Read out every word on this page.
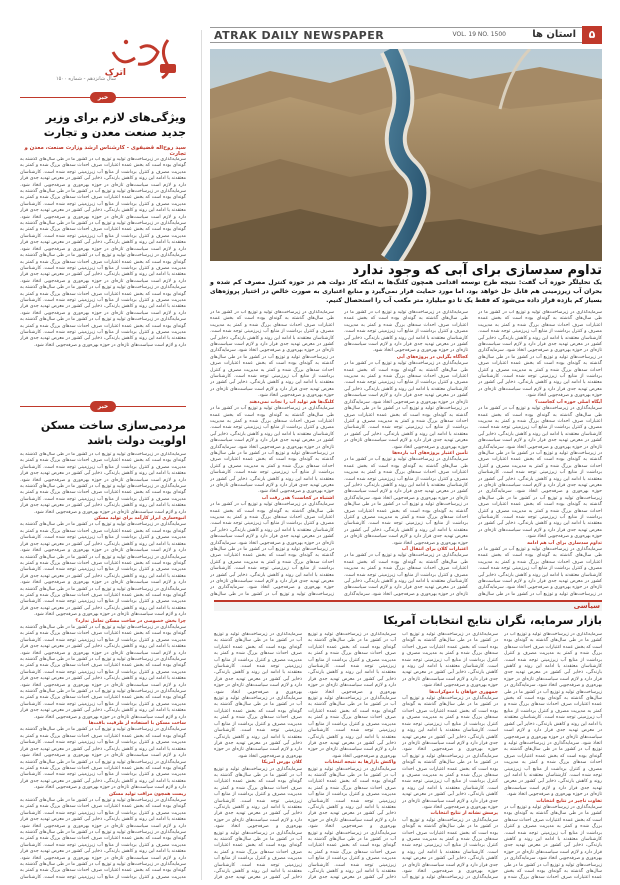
ATRAK DAILY NEWSPAPER	VOL. 19 NO. 1500	استان ها	۵
اترک
سال شانزدهم - شماره ۱۵۰۰
خبر
ویژگی‌های لازم برای وزیر جدید صنعت معدن و تجارت
سید روح‌اله قضیفوی - کارشناس ارشد وزارت صنعت، معدن و تجارت
سرمایه‌گذاری در زیرساخت‌های تولید و توزیع آب در کشور ما در طی سال‌های گذشته به گونه‌ای بوده است که بخش عمده اعتبارات صرف احداث سدهای بزرگ شده و کمتر به مدیریت مصرف و کنترل برداشت از منابع آب زیرزمینی توجه شده است. کارشناسان معتقدند با ادامه این روند و کاهش بارندگی، ذخایر آبی کشور در معرض تهدید جدی قرار دارد و لازم است سیاست‌های تازه‌ای در حوزه بهره‌وری و صرفه‌جویی اتخاذ شود. سرمایه‌گذاری در زیرساخت‌های تولید و توزیع آب در کشور ما در طی سال‌های گذشته به گونه‌ای بوده است که بخش عمده اعتبارات صرف احداث سدهای بزرگ شده و کمتر به مدیریت مصرف و کنترل برداشت از منابع آب زیرزمینی توجه شده است. کارشناسان معتقدند با ادامه این روند و کاهش بارندگی، ذخایر آبی کشور در معرض تهدید جدی قرار دارد و لازم است سیاست‌های تازه‌ای در حوزه بهره‌وری و صرفه‌جویی اتخاذ شود. سرمایه‌گذاری در زیرساخت‌های تولید و توزیع آب در کشور ما در طی سال‌های گذشته به گونه‌ای بوده است که بخش عمده اعتبارات صرف احداث سدهای بزرگ شده و کمتر به مدیریت مصرف و کنترل برداشت از منابع آب زیرزمینی توجه شده است. کارشناسان معتقدند با ادامه این روند و کاهش بارندگی، ذخایر آبی کشور در معرض تهدید جدی قرار دارد و لازم است سیاست‌های تازه‌ای در حوزه بهره‌وری و صرفه‌جویی اتخاذ شود. سرمایه‌گذاری در زیرساخت‌های تولید و توزیع آب در کشور ما در طی سال‌های گذشته به گونه‌ای بوده است که بخش عمده اعتبارات صرف احداث سدهای بزرگ شده و کمتر به مدیریت مصرف و کنترل برداشت از منابع آب زیرزمینی توجه شده است. کارشناسان معتقدند با ادامه این روند و کاهش بارندگی، ذخایر آبی کشور در معرض تهدید جدی قرار دارد و لازم است سیاست‌های تازه‌ای در حوزه بهره‌وری و صرفه‌جویی اتخاذ شود. سرمایه‌گذاری در زیرساخت‌های تولید و توزیع آب در کشور ما در طی سال‌های گذشته به گونه‌ای بوده است که بخش عمده اعتبارات صرف احداث سدهای بزرگ شده و کمتر به مدیریت مصرف و کنترل برداشت از منابع آب زیرزمینی توجه شده است. کارشناسان معتقدند با ادامه این روند و کاهش بارندگی، ذخایر آبی کشور در معرض تهدید جدی قرار دارد و لازم است سیاست‌های تازه‌ای در حوزه بهره‌وری و صرفه‌جویی اتخاذ شود. سرمایه‌گذاری در زیرساخت‌های تولید و توزیع آب در کشور ما در طی سال‌های گذشته به گونه‌ای بوده است که بخش عمده اعتبارات صرف احداث سدهای بزرگ شده و کمتر به مدیریت مصرف و کنترل برداشت از منابع آب زیرزمینی توجه شده است. کارشناسان معتقدند با ادامه این روند و کاهش بارندگی، ذخایر آبی کشور در معرض تهدید جدی قرار دارد و لازم است سیاست‌های تازه‌ای در حوزه بهره‌وری و صرفه‌جویی اتخاذ شود.
خبر
مردمی‌سازی ساخت مسکن اولویت دولت باشد
سرمایه‌گذاری در زیرساخت‌های تولید و توزیع آب در کشور ما در طی سال‌های گذشته به گونه‌ای بوده است که بخش عمده اعتبارات صرف احداث سدهای بزرگ شده و کمتر به مدیریت مصرف و کنترل برداشت از منابع آب زیرزمینی توجه شده است. کارشناسان معتقدند با ادامه این روند و کاهش بارندگی، ذخایر آبی کشور در معرض تهدید جدی قرار دارد و لازم است سیاست‌های تازه‌ای در حوزه بهره‌وری و صرفه‌جویی اتخاذ شود. سرمایه‌گذاری در زیرساخت‌های تولید و توزیع آب در کشور ما در طی سال‌های گذشته به گونه‌ای بوده است که بخش عمده اعتبارات صرف احداث سدهای بزرگ شده و کمتر به مدیریت مصرف و کنترل برداشت از منابع آب زیرزمینی توجه شده است. کارشناسان معتقدند با ادامه این روند و کاهش بارندگی، ذخایر آبی کشور در معرض تهدید جدی قرار دارد و لازم است سیاست‌های تازه‌ای در حوزه بهره‌وری و صرفه‌جویی اتخاذ شود.
انبوه‌سازی ابزار کارآمد برای تولید مسکن
سرمایه‌گذاری در زیرساخت‌های تولید و توزیع آب در کشور ما در طی سال‌های گذشته به گونه‌ای بوده است که بخش عمده اعتبارات صرف احداث سدهای بزرگ شده و کمتر به مدیریت مصرف و کنترل برداشت از منابع آب زیرزمینی توجه شده است. کارشناسان معتقدند با ادامه این روند و کاهش بارندگی، ذخایر آبی کشور در معرض تهدید جدی قرار دارد و لازم است سیاست‌های تازه‌ای در حوزه بهره‌وری و صرفه‌جویی اتخاذ شود. سرمایه‌گذاری در زیرساخت‌های تولید و توزیع آب در کشور ما در طی سال‌های گذشته به گونه‌ای بوده است که بخش عمده اعتبارات صرف احداث سدهای بزرگ شده و کمتر به مدیریت مصرف و کنترل برداشت از منابع آب زیرزمینی توجه شده است. کارشناسان معتقدند با ادامه این روند و کاهش بارندگی، ذخایر آبی کشور در معرض تهدید جدی قرار دارد و لازم است سیاست‌های تازه‌ای در حوزه بهره‌وری و صرفه‌جویی اتخاذ شود. سرمایه‌گذاری در زیرساخت‌های تولید و توزیع آب در کشور ما در طی سال‌های گذشته به گونه‌ای بوده است که بخش عمده اعتبارات صرف احداث سدهای بزرگ شده و کمتر به مدیریت مصرف و کنترل برداشت از منابع آب زیرزمینی توجه شده است. کارشناسان معتقدند با ادامه این روند و کاهش بارندگی، ذخایر آبی کشور در معرض تهدید جدی قرار دارد و لازم است سیاست‌های تازه‌ای در حوزه بهره‌وری و صرفه‌جویی اتخاذ شود.
چرا بخش خصوصی در ساخت مسکن تعامل ندارد؟
سرمایه‌گذاری در زیرساخت‌های تولید و توزیع آب در کشور ما در طی سال‌های گذشته به گونه‌ای بوده است که بخش عمده اعتبارات صرف احداث سدهای بزرگ شده و کمتر به مدیریت مصرف و کنترل برداشت از منابع آب زیرزمینی توجه شده است. کارشناسان معتقدند با ادامه این روند و کاهش بارندگی، ذخایر آبی کشور در معرض تهدید جدی قرار دارد و لازم است سیاست‌های تازه‌ای در حوزه بهره‌وری و صرفه‌جویی اتخاذ شود. سرمایه‌گذاری در زیرساخت‌های تولید و توزیع آب در کشور ما در طی سال‌های گذشته به گونه‌ای بوده است که بخش عمده اعتبارات صرف احداث سدهای بزرگ شده و کمتر به مدیریت مصرف و کنترل برداشت از منابع آب زیرزمینی توجه شده است. کارشناسان معتقدند با ادامه این روند و کاهش بارندگی، ذخایر آبی کشور در معرض تهدید جدی قرار دارد و لازم است سیاست‌های تازه‌ای در حوزه بهره‌وری و صرفه‌جویی اتخاذ شود. سرمایه‌گذاری در زیرساخت‌های تولید و توزیع آب در کشور ما در طی سال‌های گذشته به گونه‌ای بوده است که بخش عمده اعتبارات صرف احداث سدهای بزرگ شده و کمتر به مدیریت مصرف و کنترل برداشت از منابع آب زیرزمینی توجه شده است. کارشناسان معتقدند با ادامه این روند و کاهش بارندگی، ذخایر آبی کشور در معرض تهدید جدی قرار دارد و لازم است سیاست‌های تازه‌ای در حوزه بهره‌وری و صرفه‌جویی اتخاذ شود.
ساخت مسکن با استفاده از ظرفیت بافت‌ها
سرمایه‌گذاری در زیرساخت‌های تولید و توزیع آب در کشور ما در طی سال‌های گذشته به گونه‌ای بوده است که بخش عمده اعتبارات صرف احداث سدهای بزرگ شده و کمتر به مدیریت مصرف و کنترل برداشت از منابع آب زیرزمینی توجه شده است. کارشناسان معتقدند با ادامه این روند و کاهش بارندگی، ذخایر آبی کشور در معرض تهدید جدی قرار دارد و لازم است سیاست‌های تازه‌ای در حوزه بهره‌وری و صرفه‌جویی اتخاذ شود. سرمایه‌گذاری در زیرساخت‌های تولید و توزیع آب در کشور ما در طی سال‌های گذشته به گونه‌ای بوده است که بخش عمده اعتبارات صرف احداث سدهای بزرگ شده و کمتر به مدیریت مصرف و کنترل برداشت از منابع آب زیرزمینی توجه شده است. کارشناسان معتقدند با ادامه این روند و کاهش بارندگی، ذخایر آبی کشور در معرض تهدید جدی قرار دارد و لازم است سیاست‌های تازه‌ای در حوزه بهره‌وری و صرفه‌جویی اتخاذ شود.
زیست همچون مراقب تولید مسکن
سرمایه‌گذاری در زیرساخت‌های تولید و توزیع آب در کشور ما در طی سال‌های گذشته به گونه‌ای بوده است که بخش عمده اعتبارات صرف احداث سدهای بزرگ شده و کمتر به مدیریت مصرف و کنترل برداشت از منابع آب زیرزمینی توجه شده است. کارشناسان معتقدند با ادامه این روند و کاهش بارندگی، ذخایر آبی کشور در معرض تهدید جدی قرار دارد و لازم است سیاست‌های تازه‌ای در حوزه بهره‌وری و صرفه‌جویی اتخاذ شود. سرمایه‌گذاری در زیرساخت‌های تولید و توزیع آب در کشور ما در طی سال‌های گذشته به گونه‌ای بوده است که بخش عمده اعتبارات صرف احداث سدهای بزرگ شده و کمتر به مدیریت مصرف و کنترل برداشت از منابع آب زیرزمینی توجه شده است. کارشناسان معتقدند با ادامه این روند و کاهش بارندگی، ذخایر آبی کشور در معرض تهدید جدی قرار دارد و لازم است سیاست‌های تازه‌ای در حوزه بهره‌وری و صرفه‌جویی اتخاذ شود. سرمایه‌گذاری در زیرساخت‌های تولید و توزیع آب در کشور ما در طی سال‌های گذشته به گونه‌ای بوده است که بخش عمده اعتبارات صرف احداث سدهای بزرگ شده و کمتر به مدیریت مصرف و کنترل برداشت از منابع آب زیرزمینی توجه شده است. کارشناسان
تداوم سدسازی برای آبی که وجود ندارد
یک تحلیلگر حوزه آب گفت: نتیجه طرح توسعه اقدامی همچون کلنگ‌ها به اینکه کار دولت هم در حوزه کنترل مصرف کم شده و بحران آب زیرزمینی هم قابل حل خواهد بود، اما مورد حمایت قرار نمی‌گیرد و منابع اعتباری به صورت خالص در اختیار پروژه‌های بسیار کم بازده قرار داده می‌شود که فقط یک تا دو میلیارد متر مکعب آب را استحصال کنیم.
سرمایه‌گذاری در زیرساخت‌های تولید و توزیع آب در کشور ما در طی سال‌های گذشته به گونه‌ای بوده است که بخش عمده اعتبارات صرف احداث سدهای بزرگ شده و کمتر به مدیریت مصرف و کنترل برداشت از منابع آب زیرزمینی توجه شده است. کارشناسان معتقدند با ادامه این روند و کاهش بارندگی، ذخایر آبی کشور در معرض تهدید جدی قرار دارد و لازم است سیاست‌های تازه‌ای در حوزه بهره‌وری و صرفه‌جویی اتخاذ شود. سرمایه‌گذاری در زیرساخت‌های تولید و توزیع آب در کشور ما در طی سال‌های گذشته به گونه‌ای بوده است که بخش عمده اعتبارات صرف احداث سدهای بزرگ شده و کمتر به مدیریت مصرف و کنترل برداشت از منابع آب زیرزمینی توجه شده است. کارشناسان معتقدند با ادامه این روند و کاهش بارندگی، ذخایر آبی کشور در معرض تهدید جدی قرار دارد و لازم است سیاست‌های تازه‌ای در حوزه بهره‌وری و صرفه‌جویی اتخاذ شود.
آبگاه اصلی حوزه آب کجاست؟
سرمایه‌گذاری در زیرساخت‌های تولید و توزیع آب در کشور ما در طی سال‌های گذشته به گونه‌ای بوده است که بخش عمده اعتبارات صرف احداث سدهای بزرگ شده و کمتر به مدیریت مصرف و کنترل برداشت از منابع آب زیرزمینی توجه شده است. کارشناسان معتقدند با ادامه این روند و کاهش بارندگی، ذخایر آبی کشور در معرض تهدید جدی قرار دارد و لازم است سیاست‌های تازه‌ای در حوزه بهره‌وری و صرفه‌جویی اتخاذ شود. سرمایه‌گذاری در زیرساخت‌های تولید و توزیع آب در کشور ما در طی سال‌های گذشته به گونه‌ای بوده است که بخش عمده اعتبارات صرف احداث سدهای بزرگ شده و کمتر به مدیریت مصرف و کنترل برداشت از منابع آب زیرزمینی توجه شده است. کارشناسان معتقدند با ادامه این روند و کاهش بارندگی، ذخایر آبی کشور در معرض تهدید جدی قرار دارد و لازم است سیاست‌های تازه‌ای در حوزه بهره‌وری و صرفه‌جویی اتخاذ شود. سرمایه‌گذاری در زیرساخت‌های تولید و توزیع آب در کشور ما در طی سال‌های گذشته به گونه‌ای بوده است که بخش عمده اعتبارات صرف احداث سدهای بزرگ شده و کمتر به مدیریت مصرف و کنترل برداشت از منابع آب زیرزمینی توجه شده است. کارشناسان معتقدند با ادامه این روند و کاهش بارندگی، ذخایر آبی کشور در معرض تهدید جدی قرار دارد و لازم است سیاست‌های تازه‌ای در حوزه بهره‌وری و صرفه‌جویی اتخاذ شود.
تداوم سدسازی برای آب هم ادامه
سرمایه‌گذاری در زیرساخت‌های تولید و توزیع آب در کشور ما در طی سال‌های گذشته به گونه‌ای بوده است که بخش عمده اعتبارات صرف احداث سدهای بزرگ شده و کمتر به مدیریت مصرف و کنترل برداشت از منابع آب زیرزمینی توجه شده است. کارشناسان معتقدند با ادامه این روند و کاهش بارندگی، ذخایر آبی کشور در معرض تهدید جدی قرار دارد و لازم است سیاست‌های تازه‌ای در حوزه بهره‌وری و صرفه‌جویی اتخاذ شود. سرمایه‌گذاری در زیرساخت‌های تولید و توزیع آب در کشور ما در طی سال‌های
سرمایه‌گذاری در زیرساخت‌های تولید و توزیع آب در کشور ما در طی سال‌های گذشته به گونه‌ای بوده است که بخش عمده اعتبارات صرف احداث سدهای بزرگ شده و کمتر به مدیریت مصرف و کنترل برداشت از منابع آب زیرزمینی توجه شده است. کارشناسان معتقدند با ادامه این روند و کاهش بارندگی، ذخایر آبی کشور در معرض تهدید جدی قرار دارد و لازم است سیاست‌های تازه‌ای در حوزه بهره‌وری و صرفه‌جویی اتخاذ شود.
کجاگاه بگرایی در پروژه‌های آبی
سرمایه‌گذاری در زیرساخت‌های تولید و توزیع آب در کشور ما در طی سال‌های گذشته به گونه‌ای بوده است که بخش عمده اعتبارات صرف احداث سدهای بزرگ شده و کمتر به مدیریت مصرف و کنترل برداشت از منابع آب زیرزمینی توجه شده است. کارشناسان معتقدند با ادامه این روند و کاهش بارندگی، ذخایر آبی کشور در معرض تهدید جدی قرار دارد و لازم است سیاست‌های تازه‌ای در حوزه بهره‌وری و صرفه‌جویی اتخاذ شود. سرمایه‌گذاری در زیرساخت‌های تولید و توزیع آب در کشور ما در طی سال‌های گذشته به گونه‌ای بوده است که بخش عمده اعتبارات صرف احداث سدهای بزرگ شده و کمتر به مدیریت مصرف و کنترل برداشت از منابع آب زیرزمینی توجه شده است. کارشناسان معتقدند با ادامه این روند و کاهش بارندگی، ذخایر آبی کشور در معرض تهدید جدی قرار دارد و لازم است سیاست‌های تازه‌ای در حوزه بهره‌وری و صرفه‌جویی اتخاذ شود.
تأمین اعتبار پروژه‌های آب بازده‌ها
سرمایه‌گذاری در زیرساخت‌های تولید و توزیع آب در کشور ما در طی سال‌های گذشته به گونه‌ای بوده است که بخش عمده اعتبارات صرف احداث سدهای بزرگ شده و کمتر به مدیریت مصرف و کنترل برداشت از منابع آب زیرزمینی توجه شده است. کارشناسان معتقدند با ادامه این روند و کاهش بارندگی، ذخایر آبی کشور در معرض تهدید جدی قرار دارد و لازم است سیاست‌های تازه‌ای در حوزه بهره‌وری و صرفه‌جویی اتخاذ شود. سرمایه‌گذاری در زیرساخت‌های تولید و توزیع آب در کشور ما در طی سال‌های گذشته به گونه‌ای بوده است که بخش عمده اعتبارات صرف احداث سدهای بزرگ شده و کمتر به مدیریت مصرف و کنترل برداشت از منابع آب زیرزمینی توجه شده است. کارشناسان معتقدند با ادامه این روند و کاهش بارندگی، ذخایر آبی کشور در معرض تهدید جدی قرار دارد و لازم است سیاست‌های تازه‌ای در حوزه بهره‌وری و صرفه‌جویی اتخاذ شود.
اعتبارات کلان برای انتقال آب
سرمایه‌گذاری در زیرساخت‌های تولید و توزیع آب در کشور ما در طی سال‌های گذشته به گونه‌ای بوده است که بخش عمده اعتبارات صرف احداث سدهای بزرگ شده و کمتر به مدیریت مصرف و کنترل برداشت از منابع آب زیرزمینی توجه شده است. کارشناسان معتقدند با ادامه این روند و کاهش بارندگی، ذخایر آبی کشور در معرض تهدید جدی قرار دارد و لازم است سیاست‌های تازه‌ای در حوزه بهره‌وری و صرفه‌جویی اتخاذ شود. سرمایه‌گذاری
سرمایه‌گذاری در زیرساخت‌های تولید و توزیع آب در کشور ما در طی سال‌های گذشته به گونه‌ای بوده است که بخش عمده اعتبارات صرف احداث سدهای بزرگ شده و کمتر به مدیریت مصرف و کنترل برداشت از منابع آب زیرزمینی توجه شده است. کارشناسان معتقدند با ادامه این روند و کاهش بارندگی، ذخایر آبی کشور در معرض تهدید جدی قرار دارد و لازم است سیاست‌های تازه‌ای در حوزه بهره‌وری و صرفه‌جویی اتخاذ شود. سرمایه‌گذاری در زیرساخت‌های تولید و توزیع آب در کشور ما در طی سال‌های گذشته به گونه‌ای بوده است که بخش عمده اعتبارات صرف احداث سدهای بزرگ شده و کمتر به مدیریت مصرف و کنترل برداشت از منابع آب زیرزمینی توجه شده است. کارشناسان معتقدند با ادامه این روند و کاهش بارندگی، ذخایر آبی کشور در معرض تهدید جدی قرار دارد و لازم است سیاست‌های تازه‌ای در حوزه بهره‌وری و صرفه‌جویی اتخاذ شود.
کلنگ‌ها هم تولید آب را نجات نمی‌دهند
سرمایه‌گذاری در زیرساخت‌های تولید و توزیع آب در کشور ما در طی سال‌های گذشته به گونه‌ای بوده است که بخش عمده اعتبارات صرف احداث سدهای بزرگ شده و کمتر به مدیریت مصرف و کنترل برداشت از منابع آب زیرزمینی توجه شده است. کارشناسان معتقدند با ادامه این روند و کاهش بارندگی، ذخایر آبی کشور در معرض تهدید جدی قرار دارد و لازم است سیاست‌های تازه‌ای در حوزه بهره‌وری و صرفه‌جویی اتخاذ شود. سرمایه‌گذاری در زیرساخت‌های تولید و توزیع آب در کشور ما در طی سال‌های گذشته به گونه‌ای بوده است که بخش عمده اعتبارات صرف احداث سدهای بزرگ شده و کمتر به مدیریت مصرف و کنترل برداشت از منابع آب زیرزمینی توجه شده است. کارشناسان معتقدند با ادامه این روند و کاهش بارندگی، ذخایر آبی کشور در معرض تهدید جدی قرار دارد و لازم است سیاست‌های تازه‌ای در حوزه بهره‌وری و صرفه‌جویی اتخاذ شود.
اشتباه در کجاست؟ هدر رفت آب
سرمایه‌گذاری در زیرساخت‌های تولید و توزیع آب در کشور ما در طی سال‌های گذشته به گونه‌ای بوده است که بخش عمده اعتبارات صرف احداث سدهای بزرگ شده و کمتر به مدیریت مصرف و کنترل برداشت از منابع آب زیرزمینی توجه شده است. کارشناسان معتقدند با ادامه این روند و کاهش بارندگی، ذخایر آبی کشور در معرض تهدید جدی قرار دارد و لازم است سیاست‌های تازه‌ای در حوزه بهره‌وری و صرفه‌جویی اتخاذ شود. سرمایه‌گذاری در زیرساخت‌های تولید و توزیع آب در کشور ما در طی سال‌های گذشته به گونه‌ای بوده است که بخش عمده اعتبارات صرف احداث سدهای بزرگ شده و کمتر به مدیریت مصرف و کنترل برداشت از منابع آب زیرزمینی توجه شده است. کارشناسان معتقدند با ادامه این روند و کاهش بارندگی، ذخایر آبی کشور در معرض تهدید جدی قرار دارد و لازم است سیاست‌های تازه‌ای در حوزه بهره‌وری و صرفه‌جویی اتخاذ شود. سرمایه‌گذاری در زیرساخت‌های تولید و توزیع آب در کشور ما در طی سال‌های
سیاسی
بازار سرمایه، نگران نتایج انتخابات آمریکا
سرمایه‌گذاری در زیرساخت‌های تولید و توزیع آب در کشور ما در طی سال‌های گذشته به گونه‌ای بوده است که بخش عمده اعتبارات صرف احداث سدهای بزرگ شده و کمتر به مدیریت مصرف و کنترل برداشت از منابع آب زیرزمینی توجه شده است. کارشناسان معتقدند با ادامه این روند و کاهش بارندگی، ذخایر آبی کشور در معرض تهدید جدی قرار دارد و لازم است سیاست‌های تازه‌ای در حوزه بهره‌وری و صرفه‌جویی اتخاذ شود. سرمایه‌گذاری در زیرساخت‌های تولید و توزیع آب در کشور ما در طی سال‌های گذشته به گونه‌ای بوده است که بخش عمده اعتبارات صرف احداث سدهای بزرگ شده و کمتر به مدیریت مصرف و کنترل برداشت از منابع آب زیرزمینی توجه شده است. کارشناسان معتقدند با ادامه این روند و کاهش بارندگی، ذخایر آبی کشور در معرض تهدید جدی قرار دارد و لازم است سیاست‌های تازه‌ای در حوزه بهره‌وری و صرفه‌جویی اتخاذ شود. سرمایه‌گذاری در زیرساخت‌های تولید و توزیع آب در کشور ما در طی سال‌های گذشته به گونه‌ای بوده است که بخش عمده اعتبارات صرف احداث سدهای بزرگ شده و کمتر به مدیریت مصرف و کنترل برداشت از منابع آب زیرزمینی توجه شده است. کارشناسان معتقدند با ادامه این روند و کاهش بارندگی، ذخایر آبی کشور در معرض تهدید جدی قرار دارد و لازم است سیاست‌های تازه‌ای در حوزه بهره‌وری و صرفه‌جویی اتخاذ شود.
تفاوت ناچیز در نتایج انتخابات
سرمایه‌گذاری در زیرساخت‌های تولید و توزیع آب در کشور ما در طی سال‌های گذشته به گونه‌ای بوده است که بخش عمده اعتبارات صرف احداث سدهای بزرگ شده و کمتر به مدیریت مصرف و کنترل برداشت از منابع آب زیرزمینی توجه شده است. کارشناسان معتقدند با ادامه این روند و کاهش بارندگی، ذخایر آبی کشور در معرض تهدید جدی قرار دارد و لازم است سیاست‌های تازه‌ای در حوزه بهره‌وری و صرفه‌جویی اتخاذ شود. سرمایه‌گذاری در زیرساخت‌های تولید و توزیع آب در کشور ما در طی سال‌های گذشته به گونه‌ای بوده است که بخش عمده اعتبارات صرف احداث سدهای بزرگ شده و
سرمایه‌گذاری در زیرساخت‌های تولید و توزیع آب در کشور ما در طی سال‌های گذشته به گونه‌ای بوده است که بخش عمده اعتبارات صرف احداث سدهای بزرگ شده و کمتر به مدیریت مصرف و کنترل برداشت از منابع آب زیرزمینی توجه شده است. کارشناسان معتقدند با ادامه این روند و کاهش بارندگی، ذخایر آبی کشور در معرض تهدید جدی قرار دارد و لازم است سیاست‌های تازه‌ای در حوزه بهره‌وری و صرفه‌جویی اتخاذ شود.
جمهوری خواهان یا دموکرات‌ها
سرمایه‌گذاری در زیرساخت‌های تولید و توزیع آب در کشور ما در طی سال‌های گذشته به گونه‌ای بوده است که بخش عمده اعتبارات صرف احداث سدهای بزرگ شده و کمتر به مدیریت مصرف و کنترل برداشت از منابع آب زیرزمینی توجه شده است. کارشناسان معتقدند با ادامه این روند و کاهش بارندگی، ذخایر آبی کشور در معرض تهدید جدی قرار دارد و لازم است سیاست‌های تازه‌ای در حوزه بهره‌وری و صرفه‌جویی اتخاذ شود. سرمایه‌گذاری در زیرساخت‌های تولید و توزیع آب در کشور ما در طی سال‌های گذشته به گونه‌ای بوده است که بخش عمده اعتبارات صرف احداث سدهای بزرگ شده و کمتر به مدیریت مصرف و کنترل برداشت از منابع آب زیرزمینی توجه شده است. کارشناسان معتقدند با ادامه این روند و کاهش بارندگی، ذخایر آبی کشور در معرض تهدید جدی قرار دارد و لازم است سیاست‌های تازه‌ای در حوزه بهره‌وری و صرفه‌جویی اتخاذ شود.
پرسش نشانه از نتایج انتخابات
سرمایه‌گذاری در زیرساخت‌های تولید و توزیع آب در کشور ما در طی سال‌های گذشته به گونه‌ای بوده است که بخش عمده اعتبارات صرف احداث سدهای بزرگ شده و کمتر به مدیریت مصرف و کنترل برداشت از منابع آب زیرزمینی توجه شده است. کارشناسان معتقدند با ادامه این روند و کاهش بارندگی، ذخایر آبی کشور در معرض تهدید جدی قرار دارد و لازم است سیاست‌های تازه‌ای در حوزه بهره‌وری و صرفه‌جویی اتخاذ شود. سرمایه‌گذاری در زیرساخت‌های تولید و توزیع آب
سرمایه‌گذاری در زیرساخت‌های تولید و توزیع آب در کشور ما در طی سال‌های گذشته به گونه‌ای بوده است که بخش عمده اعتبارات صرف احداث سدهای بزرگ شده و کمتر به مدیریت مصرف و کنترل برداشت از منابع آب زیرزمینی توجه شده است. کارشناسان معتقدند با ادامه این روند و کاهش بارندگی، ذخایر آبی کشور در معرض تهدید جدی قرار دارد و لازم است سیاست‌های تازه‌ای در حوزه بهره‌وری و صرفه‌جویی اتخاذ شود. سرمایه‌گذاری در زیرساخت‌های تولید و توزیع آب در کشور ما در طی سال‌های گذشته به گونه‌ای بوده است که بخش عمده اعتبارات صرف احداث سدهای بزرگ شده و کمتر به مدیریت مصرف و کنترل برداشت از منابع آب زیرزمینی توجه شده است. کارشناسان معتقدند با ادامه این روند و کاهش بارندگی، ذخایر آبی کشور در معرض تهدید جدی قرار دارد و لازم است سیاست‌های تازه‌ای در حوزه بهره‌وری و صرفه‌جویی اتخاذ شود.
واکنش بازارها به نتیجه انتخابات
سرمایه‌گذاری در زیرساخت‌های تولید و توزیع آب در کشور ما در طی سال‌های گذشته به گونه‌ای بوده است که بخش عمده اعتبارات صرف احداث سدهای بزرگ شده و کمتر به مدیریت مصرف و کنترل برداشت از منابع آب زیرزمینی توجه شده است. کارشناسان معتقدند با ادامه این روند و کاهش بارندگی، ذخایر آبی کشور در معرض تهدید جدی قرار دارد و لازم است سیاست‌های تازه‌ای در حوزه بهره‌وری و صرفه‌جویی اتخاذ شود. سرمایه‌گذاری در زیرساخت‌های تولید و توزیع آب در کشور ما در طی سال‌های گذشته به گونه‌ای بوده است که بخش عمده اعتبارات صرف احداث سدهای بزرگ شده و کمتر به مدیریت مصرف و کنترل برداشت از منابع آب زیرزمینی توجه شده است. کارشناسان معتقدند با ادامه این روند و کاهش بارندگی، ذخایر آبی کشور در معرض تهدید جدی قرار
سرمایه‌گذاری در زیرساخت‌های تولید و توزیع آب در کشور ما در طی سال‌های گذشته به گونه‌ای بوده است که بخش عمده اعتبارات صرف احداث سدهای بزرگ شده و کمتر به مدیریت مصرف و کنترل برداشت از منابع آب زیرزمینی توجه شده است. کارشناسان معتقدند با ادامه این روند و کاهش بارندگی، ذخایر آبی کشور در معرض تهدید جدی قرار دارد و لازم است سیاست‌های تازه‌ای در حوزه بهره‌وری و صرفه‌جویی اتخاذ شود. سرمایه‌گذاری در زیرساخت‌های تولید و توزیع آب در کشور ما در طی سال‌های گذشته به گونه‌ای بوده است که بخش عمده اعتبارات صرف احداث سدهای بزرگ شده و کمتر به مدیریت مصرف و کنترل برداشت از منابع آب زیرزمینی توجه شده است. کارشناسان معتقدند با ادامه این روند و کاهش بارندگی، ذخایر آبی کشور در معرض تهدید جدی قرار دارد و لازم است سیاست‌های تازه‌ای در حوزه بهره‌وری و صرفه‌جویی اتخاذ شود.
کلان بورس آمریکا
سرمایه‌گذاری در زیرساخت‌های تولید و توزیع آب در کشور ما در طی سال‌های گذشته به گونه‌ای بوده است که بخش عمده اعتبارات صرف احداث سدهای بزرگ شده و کمتر به مدیریت مصرف و کنترل برداشت از منابع آب زیرزمینی توجه شده است. کارشناسان معتقدند با ادامه این روند و کاهش بارندگی، ذخایر آبی کشور در معرض تهدید جدی قرار دارد و لازم است سیاست‌های تازه‌ای در حوزه بهره‌وری و صرفه‌جویی اتخاذ شود. سرمایه‌گذاری در زیرساخت‌های تولید و توزیع آب در کشور ما در طی سال‌های گذشته به گونه‌ای بوده است که بخش عمده اعتبارات صرف احداث سدهای بزرگ شده و کمتر به مدیریت مصرف و کنترل برداشت از منابع آب زیرزمینی توجه شده است. کارشناسان معتقدند با ادامه این روند و کاهش بارندگی، ذخایر آبی کشور در معرض تهدید جدی قرار
